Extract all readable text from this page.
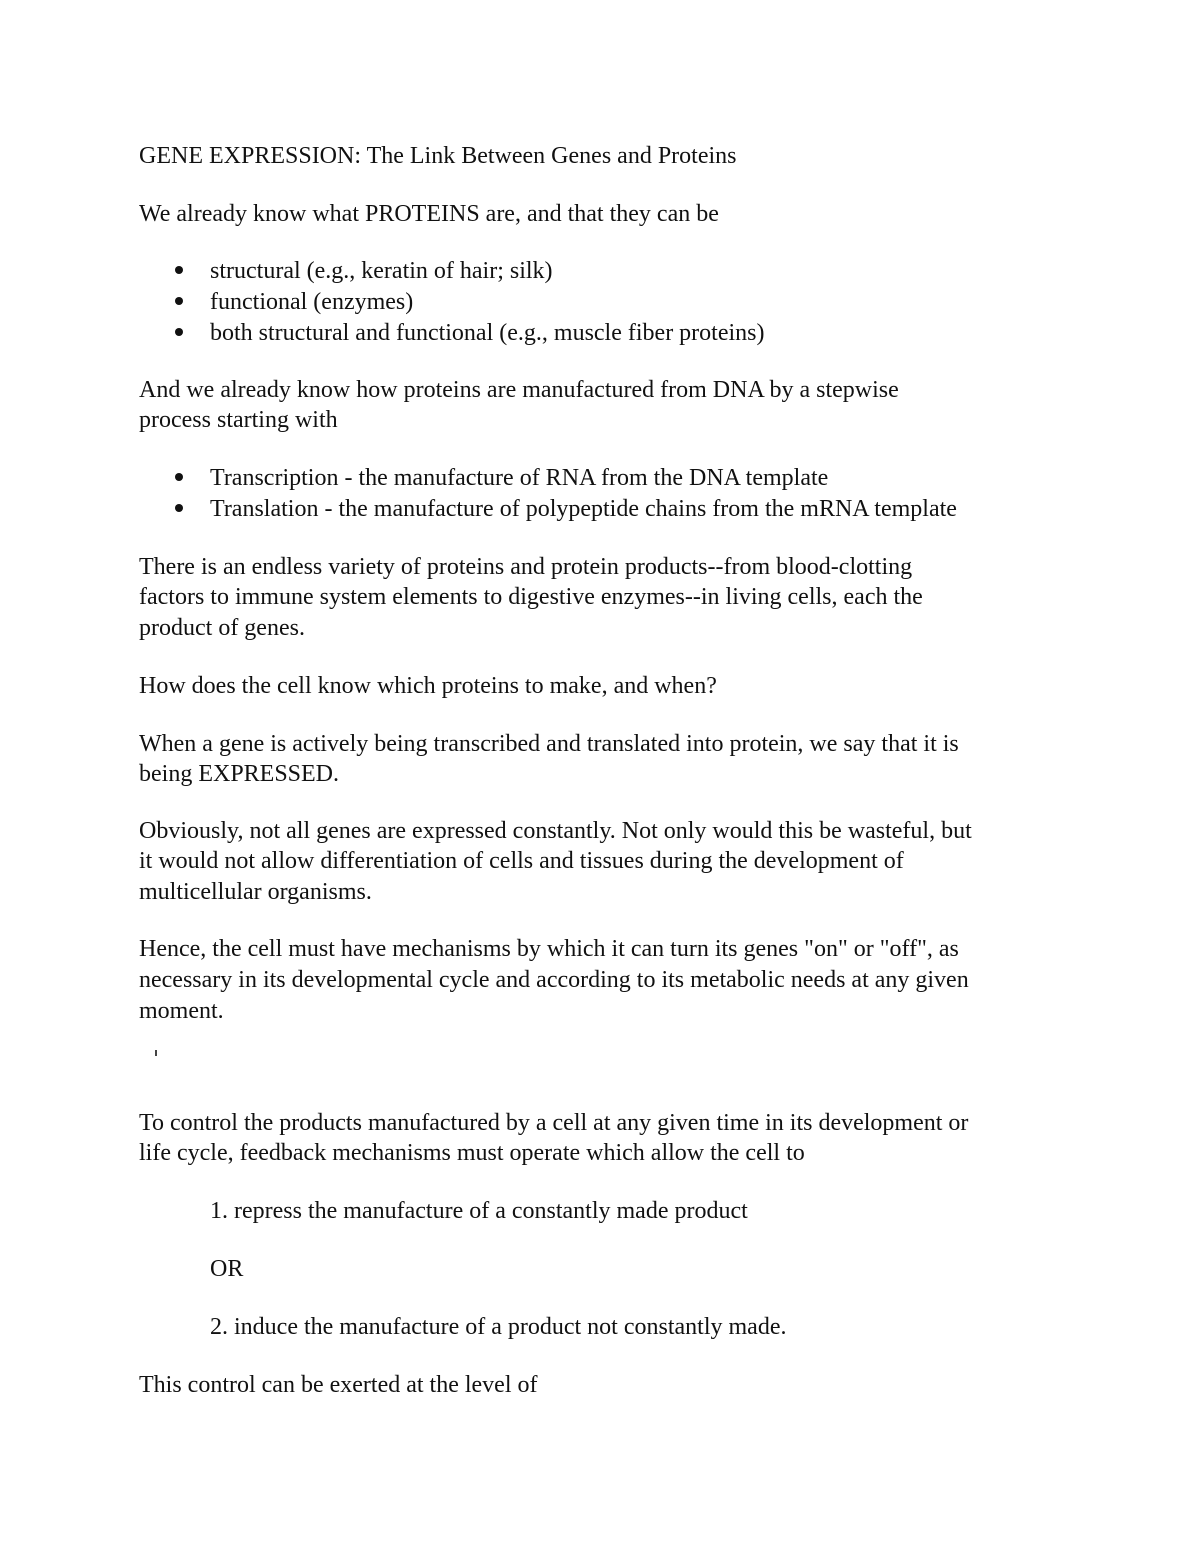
GENE EXPRESSION: The Link Between Genes and Proteins
We already know what PROTEINS are, and that they can be
structural (e.g., keratin of hair; silk)
functional (enzymes)
both structural and functional (e.g., muscle fiber proteins)
And we already know how proteins are manufactured from DNA by a stepwise
process starting with
Transcription - the manufacture of RNA from the DNA template
Translation - the manufacture of polypeptide chains from the mRNA template
There is an endless variety of proteins and protein products--from blood-clotting
factors to immune system elements to digestive enzymes--in living cells, each the
product of genes.
How does the cell know which proteins to make, and when?
When a gene is actively being transcribed and translated into protein, we say that it is
being EXPRESSED.
Obviously, not all genes are expressed constantly. Not only would this be wasteful, but
it would not allow differentiation of cells and tissues during the development of
multicellular organisms.
Hence, the cell must have mechanisms by which it can turn its genes "on" or "off", as
necessary in its developmental cycle and according to its metabolic needs at any given
moment.
To control the products manufactured by a cell at any given time in its development or
life cycle, feedback mechanisms must operate which allow the cell to
1. repress the manufacture of a constantly made product
OR
2. induce the manufacture of a product not constantly made.
This control can be exerted at the level of
